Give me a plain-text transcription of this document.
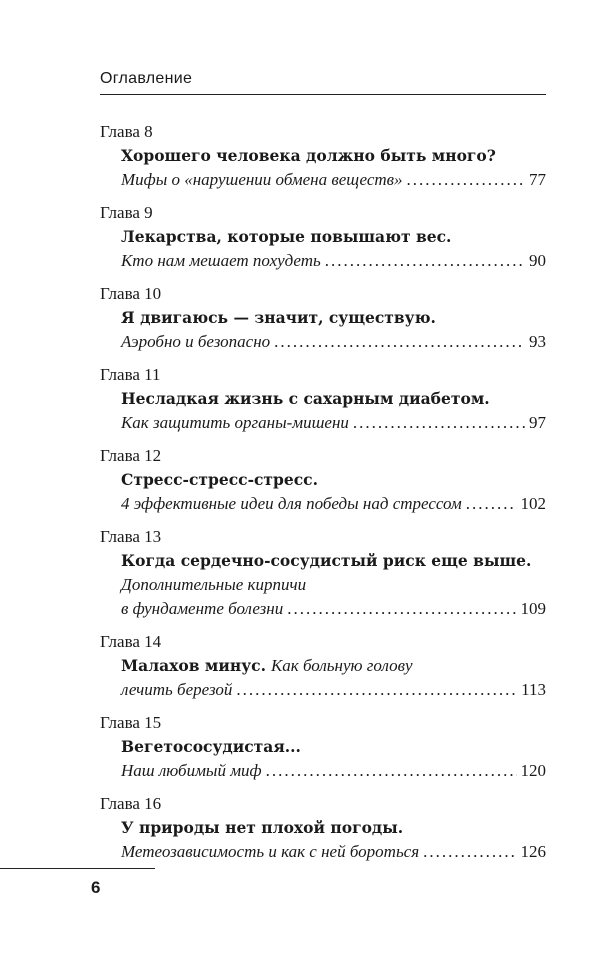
Оглавление
Глава 8
Хорошего человека должно быть много?
Мифы о «нарушении обмена веществ» .....	77
Глава 9
Лекарства, которые повышают вес.
Кто нам мешает похудеть .....	90
Глава 10
Я двигаюсь — значит, существую.
Аэробно и безопасно .....	93
Глава 11
Несладкая жизнь с сахарным диабетом.
Как защитить органы-мишени .....	97
Глава 12
Стресс-стресс-стресс.
4 эффективные идеи для победы над стрессом .....	102
Глава 13
Когда сердечно-сосудистый риск еще выше.
Дополнительные кирпичи
в фундаменте болезни .....	109
Глава 14
Малахов минус. Как больную голову
лечить березой .....	113
Глава 15
Вегетососудистая...
Наш любимый миф .....	120
Глава 16
У природы нет плохой погоды.
Метеозависимость и как с ней бороться .....	126
6
